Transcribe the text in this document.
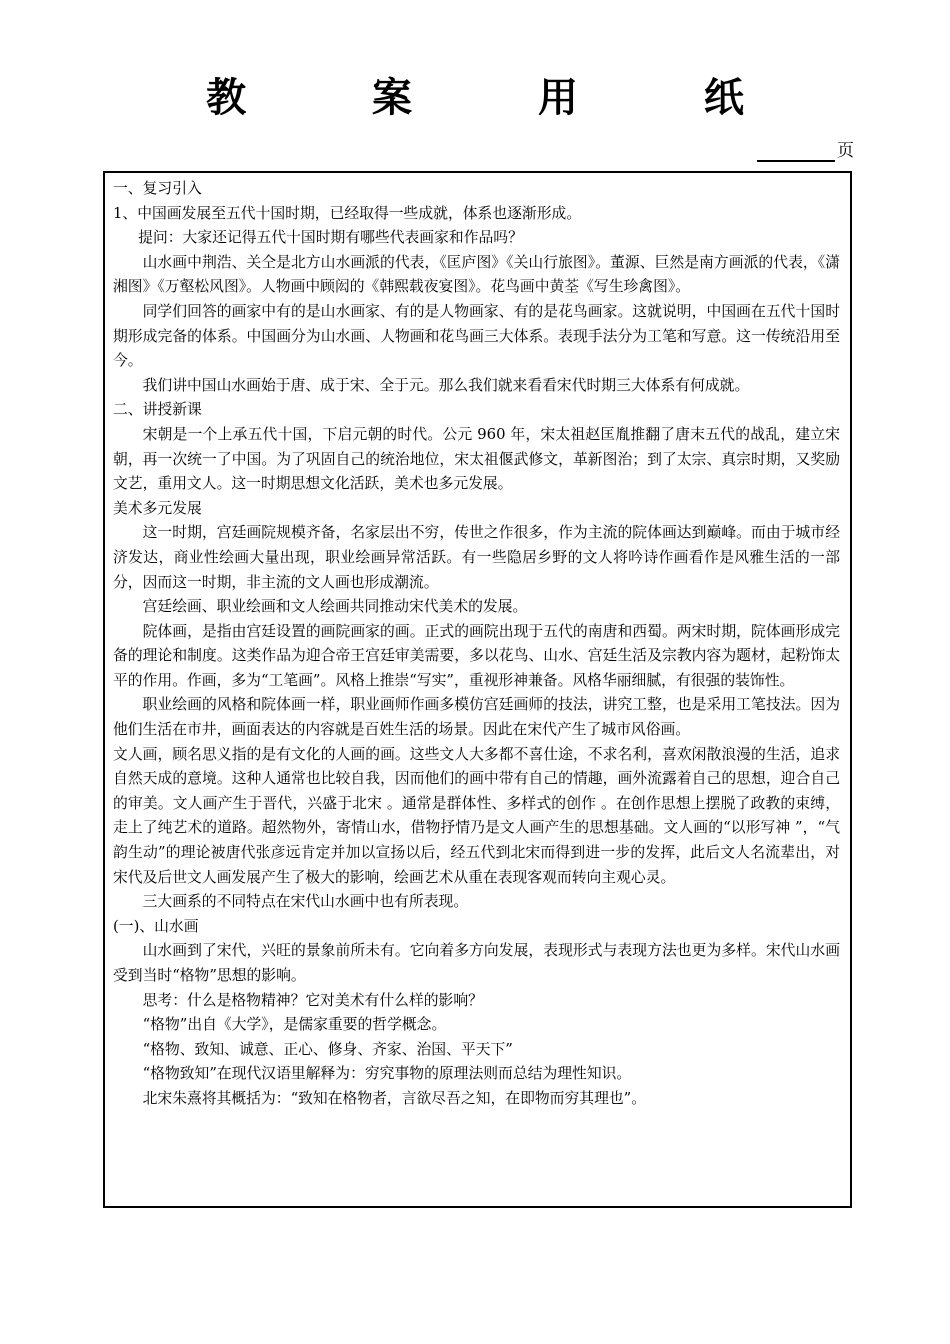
教 案 用 纸
页

一、复习引入

1、中国画发展至五代十国时期，已经取得一些成就，体系也逐渐形成。

提问：大家还记得五代十国时期有哪些代表画家和作品吗？

山水画中荆浩、关仝是北方山水画派的代表，《匡庐图》《关山行旅图》。董源、巨然是南方画派的代表，《潇湘图》《万壑松风图》。人物画中顾闳的《韩熙载夜宴图》。花鸟画中黄荃《写生珍禽图》。

同学们回答的画家中有的是山水画家、有的是人物画家、有的是花鸟画家。这就说明，中国画在五代十国时期形成完备的体系。中国画分为山水画、人物画和花鸟画三大体系。表现手法分为工笔和写意。这一传统沿用至今。

我们讲中国山水画始于唐、成于宋、全于元。那么我们就来看看宋代时期三大体系有何成就。

二、讲授新课

宋朝是一个上承五代十国，下启元朝的时代。公元 960 年，宋太祖赵匡胤推翻了唐末五代的战乱，建立宋朝，再一次统一了中国。为了巩固自己的统治地位，宋太祖偃武修文，革新图治；到了太宗、真宗时期，又奖励文艺，重用文人。这一时期思想文化活跃，美术也多元发展。

美术多元发展

这一时期，宫廷画院规模齐备，名家层出不穷，传世之作很多，作为主流的院体画达到巅峰。而由于城市经济发达，商业性绘画大量出现，职业绘画异常活跃。有一些隐居乡野的文人将吟诗作画看作是风雅生活的一部分，因而这一时期，非主流的文人画也形成潮流。

宫廷绘画、职业绘画和文人绘画共同推动宋代美术的发展。

院体画，是指由宫廷设置的画院画家的画。正式的画院出现于五代的南唐和西蜀。两宋时期，院体画形成完备的理论和制度。这类作品为迎合帝王宫廷审美需要，多以花鸟、山水、宫廷生活及宗教内容为题材，起粉饰太平的作用。作画，多为“工笔画”。风格上推崇“写实”，重视形神兼备。风格华丽细腻，有很强的装饰性。

职业绘画的风格和院体画一样，职业画师作画多模仿宫廷画师的技法，讲究工整，也是采用工笔技法。因为他们生活在市井，画面表达的内容就是百姓生活的场景。因此在宋代产生了城市风俗画。

文人画，顾名思义指的是有文化的人画的画。这些文人大多都不喜仕途，不求名利，喜欢闲散浪漫的生活，追求自然天成的意境。这种人通常也比较自我，因而他们的画中带有自己的情趣，画外流露着自己的思想，迎合自己的审美。文人画产生于晋代，兴盛于北宋 。通常是群体性、多样式的创作 。在创作思想上摆脱了政教的束缚，走上了纯艺术的道路。超然物外，寄情山水，借物抒情乃是文人画产生的思想基础。文人画的“以形写神 ”，“气韵生动”的理论被唐代张彦远肯定并加以宣扬以后，经五代到北宋而得到进一步的发挥，此后文人名流辈出，对宋代及后世文人画发展产生了极大的影响，绘画艺术从重在表现客观而转向主观心灵。

三大画系的不同特点在宋代山水画中也有所表现。

(一)、山水画

山水画到了宋代，兴旺的景象前所未有。它向着多方向发展，表现形式与表现方法也更为多样。宋代山水画受到当时“格物”思想的影响。

思考：什么是格物精神？它对美术有什么样的影响？

“格物”出自《大学》，是儒家重要的哲学概念。

“格物、致知、诚意、正心、修身、齐家、治国、平天下”

“格物致知”在现代汉语里解释为：穷究事物的原理法则而总结为理性知识。

北宋朱熹将其概括为：“致知在格物者，言欲尽吾之知，在即物而穷其理也”。
